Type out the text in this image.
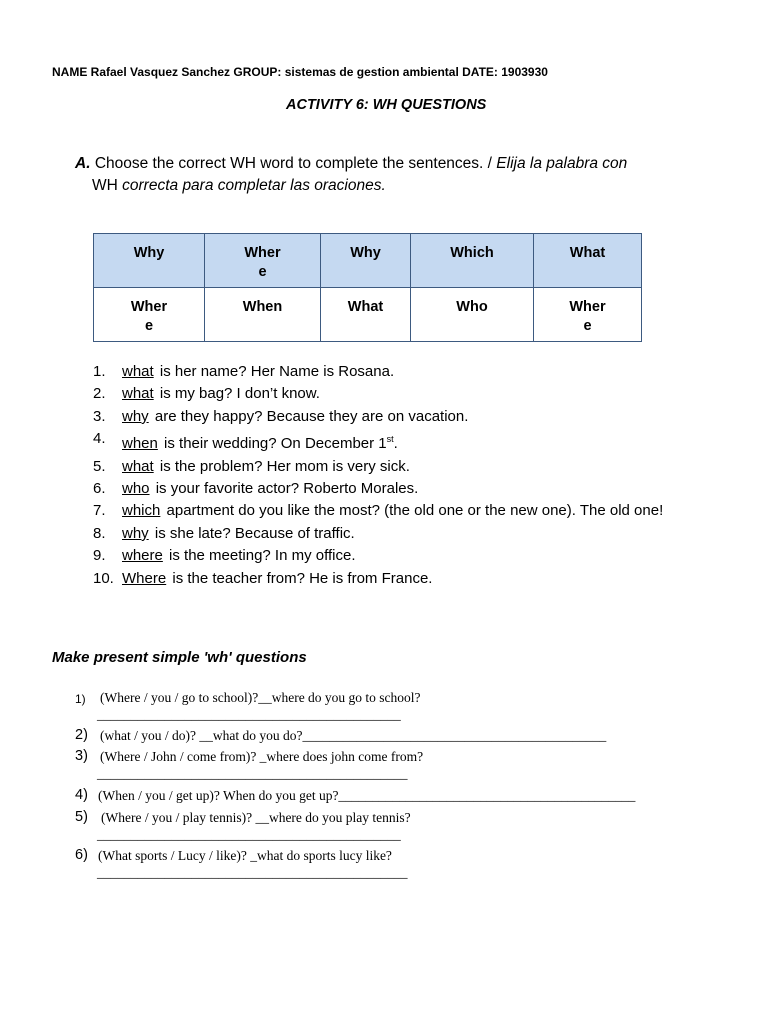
NAME Rafael Vasquez Sanchez GROUP: sistemas de gestion ambiental DATE: 1903930
ACTIVITY 6: WH QUESTIONS
A. Choose the correct WH word to complete the sentences. / Elija la palabra con
WH correcta para completar las oraciones.
Why	Wher e	Why	Which	What

Wher e	When	What	Who	Wher e
1. what is her name? Her Name is Rosana.
2. what is my bag? I don’t know.
3. why are they happy? Because they are on vacation.
4. when is their wedding? On December 1st.
5. what is the problem? Her mom is very sick.
6. who is your favorite actor? Roberto Morales.
7. which apartment do you like the most? (the old one or the new one). The old one!
8. why is she late? Because of traffic.
9. where is the meeting? In my office.
10. Where is the teacher from? He is from France.
Make present simple 'wh' questions
1) (Where / you / go to school)?__where do you go to school?
_____________________________________________
2) (what / you / do)? __what do you do?_____________________________________________
3) (Where / John / come from)? _where does john come from?
______________________________________________
4) (When / you / get up)? When do you get up?____________________________________________
5) (Where / you / play tennis)? __where do you play tennis?
_____________________________________________
6) (What sports / Lucy / like)? _what do sports lucy like?
______________________________________________
